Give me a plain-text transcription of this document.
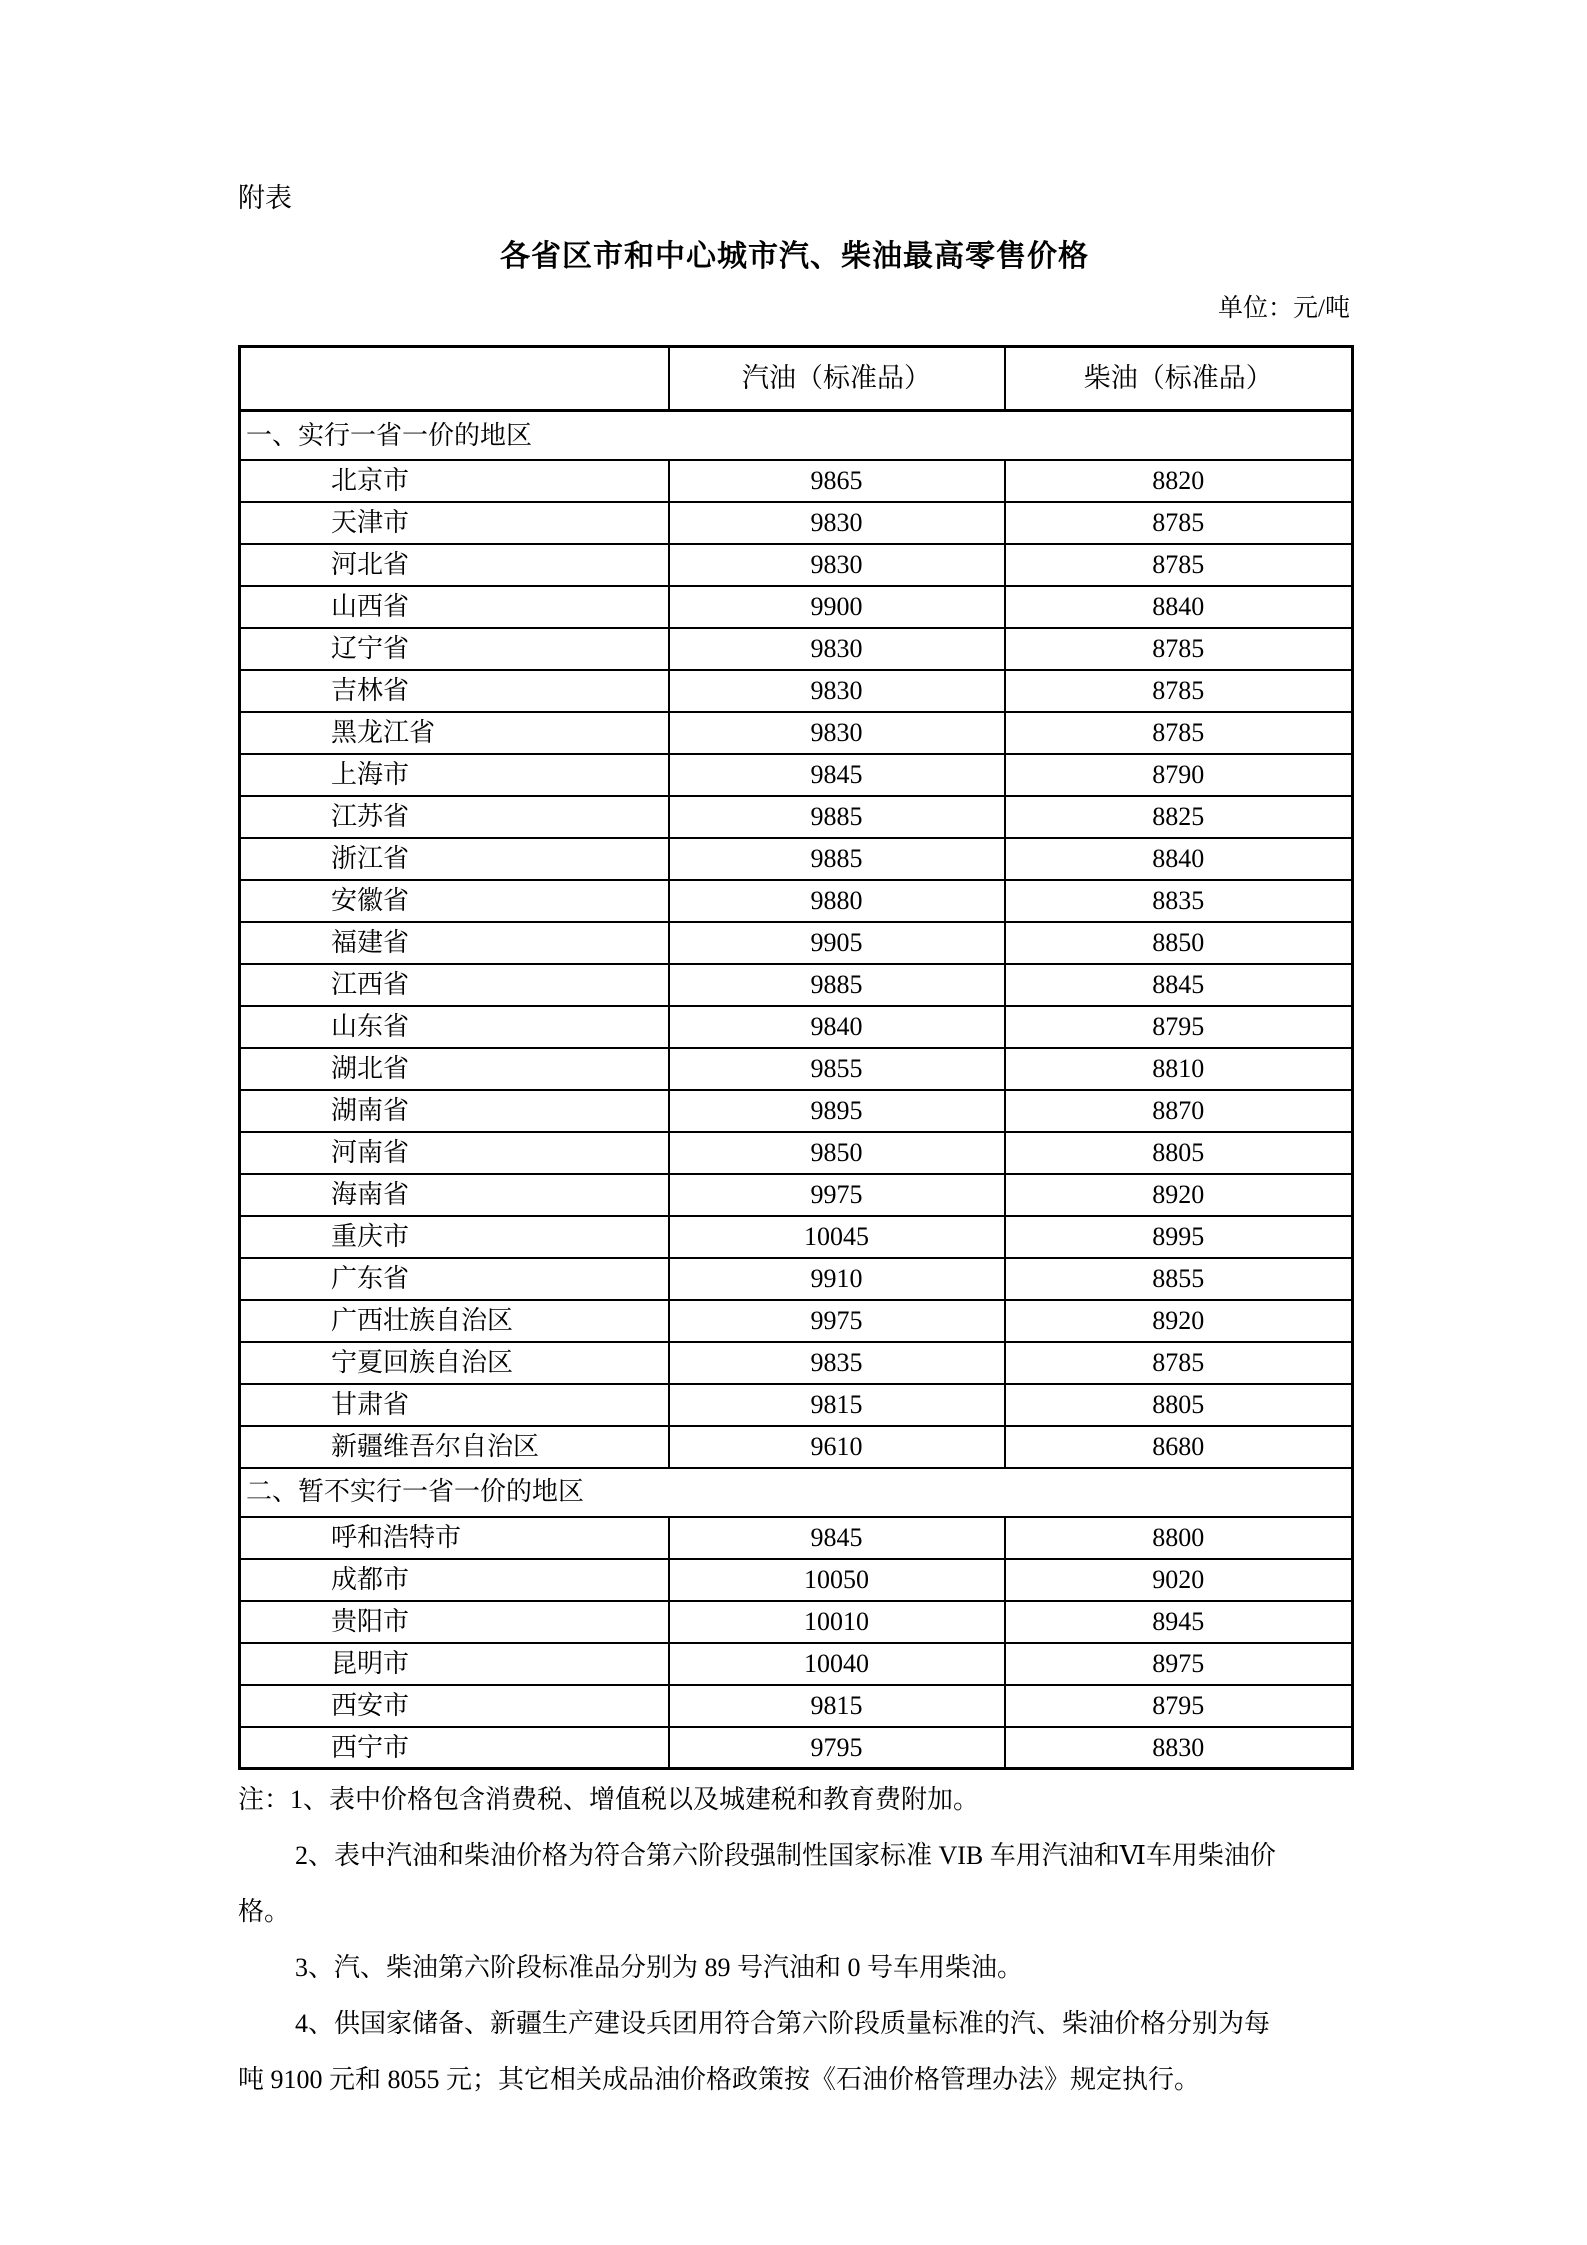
附表
各省区市和中心城市汽、柴油最高零售价格
单位：元/吨
	汽油（标准品）	柴油（标准品）
一、实行一省一价的地区		
北京市	9865	8820
天津市	9830	8785
河北省	9830	8785
山西省	9900	8840
辽宁省	9830	8785
吉林省	9830	8785
黑龙江省	9830	8785
上海市	9845	8790
江苏省	9885	8825
浙江省	9885	8840
安徽省	9880	8835
福建省	9905	8850
江西省	9885	8845
山东省	9840	8795
湖北省	9855	8810
湖南省	9895	8870
河南省	9850	8805
海南省	9975	8920
重庆市	10045	8995
广东省	9910	8855
广西壮族自治区	9975	8920
宁夏回族自治区	9835	8785
甘肃省	9815	8805
新疆维吾尔自治区	9610	8680
二、暂不实行一省一价的地区		
呼和浩特市	9845	8800
成都市	10050	9020
贵阳市	10010	8945
昆明市	10040	8975
西安市	9815	8795
西宁市	9795	8830
注：1、表中价格包含消费税、增值税以及城建税和教育费附加。
2、表中汽油和柴油价格为符合第六阶段强制性国家标准 VIB 车用汽油和Ⅵ车用柴油价
格。
3、汽、柴油第六阶段标准品分别为 89 号汽油和 0 号车用柴油。
4、供国家储备、新疆生产建设兵团用符合第六阶段质量标准的汽、柴油价格分别为每
吨 9100 元和 8055 元；其它相关成品油价格政策按《石油价格管理办法》规定执行。
